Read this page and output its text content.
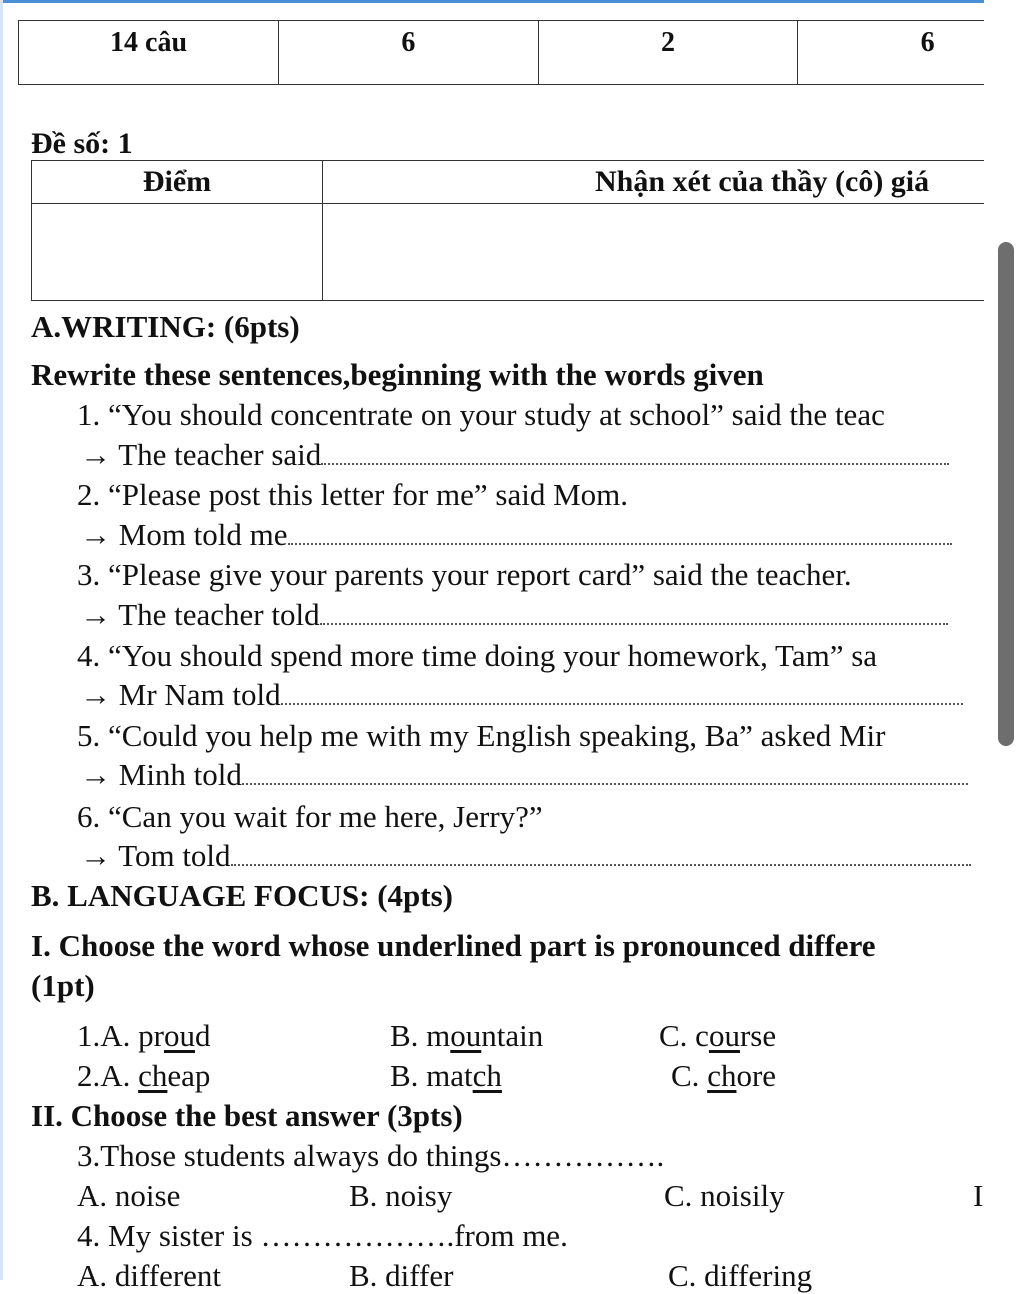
14 câu	6	2	6
Đề số: 1
Điểm	Nhận xét của thầy (cô) giá

A.WRITING: (6pts)
Rewrite these sentences,beginning with the words given
1. “You should concentrate on your study at school” said the teac
→ The teacher said
2. “Please post this letter for me” said Mom.
→ Mom told me
3. “Please give your parents your report card” said the teacher.
→ The teacher told
4. “You should spend more time doing your homework, Tam” sa
→ Mr Nam told
5. “Could you help me with my English speaking, Ba” asked Mir
→ Minh told
6. “Can you wait for me here, Jerry?”
→ Tom told
B. LANGUAGE FOCUS: (4pts)
I. Choose the word whose underlined part is pronounced differe
(1pt)
1.A. proud	B. mountain	C. course
2.A. cheap	B. match	C. chore
II. Choose the best answer (3pts)
3.Those students always do things…………….
A. noise	B. noisy	C. noisily	I
4. My sister is ……………….from me.
A. different	B. differ	C. differing
